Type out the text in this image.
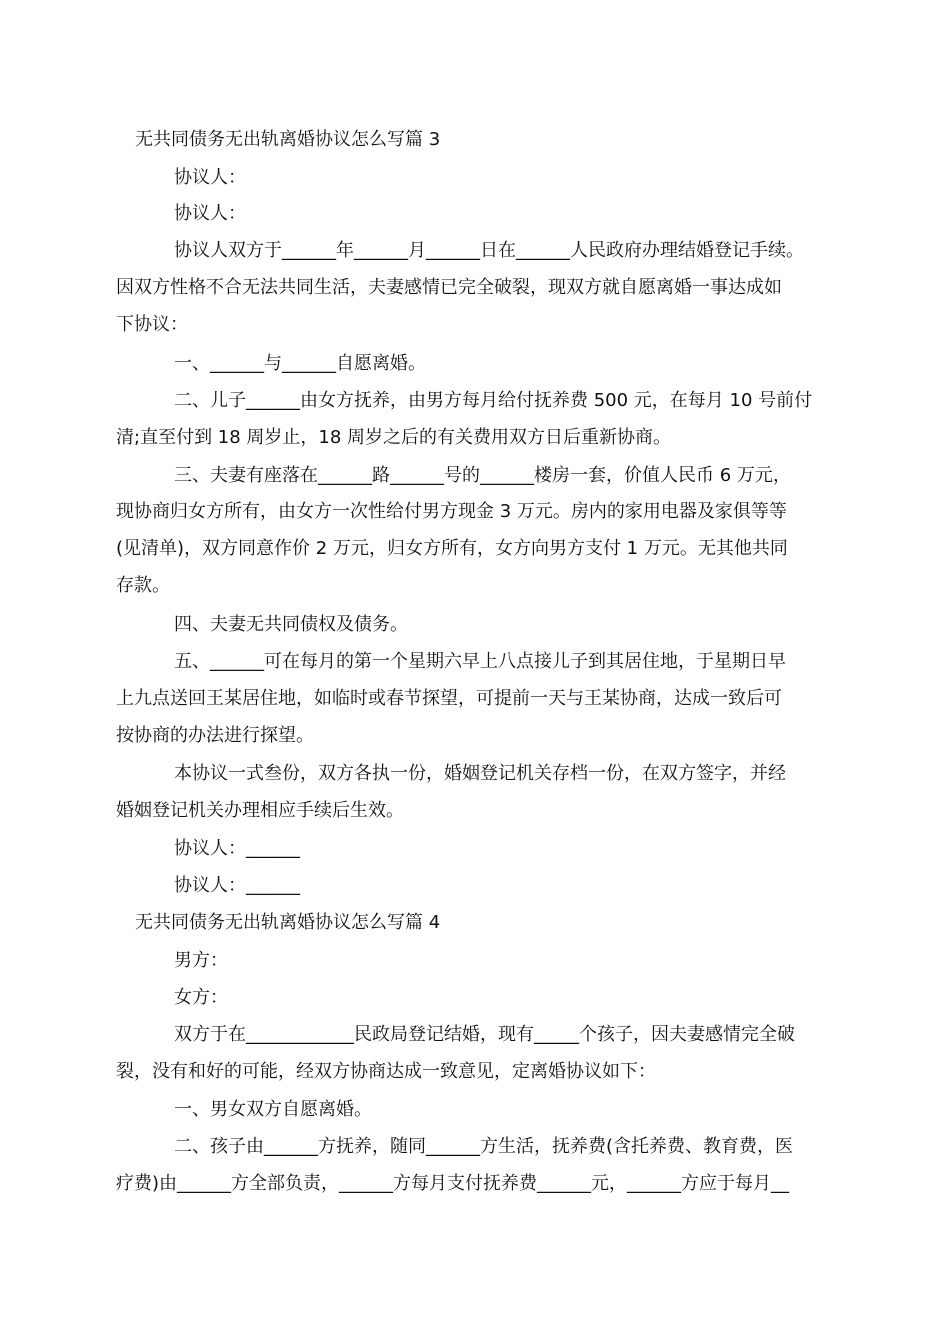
无共同债务无出轨离婚协议怎么写篇 3
协议人：
协议人：
协议人双方于______年______月______日在______人民政府办理结婚登记手续。
因双方性格不合无法共同生活，夫妻感情已完全破裂，现双方就自愿离婚一事达成如
下协议：
一、______与______自愿离婚。
二、儿子______由女方抚养，由男方每月给付抚养费 500 元，在每月 10 号前付
清;直至付到 18 周岁止，18 周岁之后的有关费用双方日后重新协商。
三、夫妻有座落在______路______号的______楼房一套，价值人民币 6 万元，
现协商归女方所有，由女方一次性给付男方现金 3 万元。房内的家用电器及家俱等等
(见清单)，双方同意作价 2 万元，归女方所有，女方向男方支付 1 万元。无其他共同
存款。
四、夫妻无共同债权及债务。
五、______可在每月的第一个星期六早上八点接儿子到其居住地，于星期日早
上九点送回王某居住地，如临时或春节探望，可提前一天与王某协商，达成一致后可
按协商的办法进行探望。
本协议一式叁份，双方各执一份，婚姻登记机关存档一份，在双方签字，并经
婚姻登记机关办理相应手续后生效。
协议人：______
协议人：______
无共同债务无出轨离婚协议怎么写篇 4
男方：
女方：
双方于在____________民政局登记结婚，现有_____个孩子，因夫妻感情完全破
裂，没有和好的可能，经双方协商达成一致意见，定离婚协议如下：
一、男女双方自愿离婚。
二、孩子由______方抚养，随同______方生活，抚养费(含托养费、教育费，医
疗费)由______方全部负责，______方每月支付抚养费______元，______方应于每月__
